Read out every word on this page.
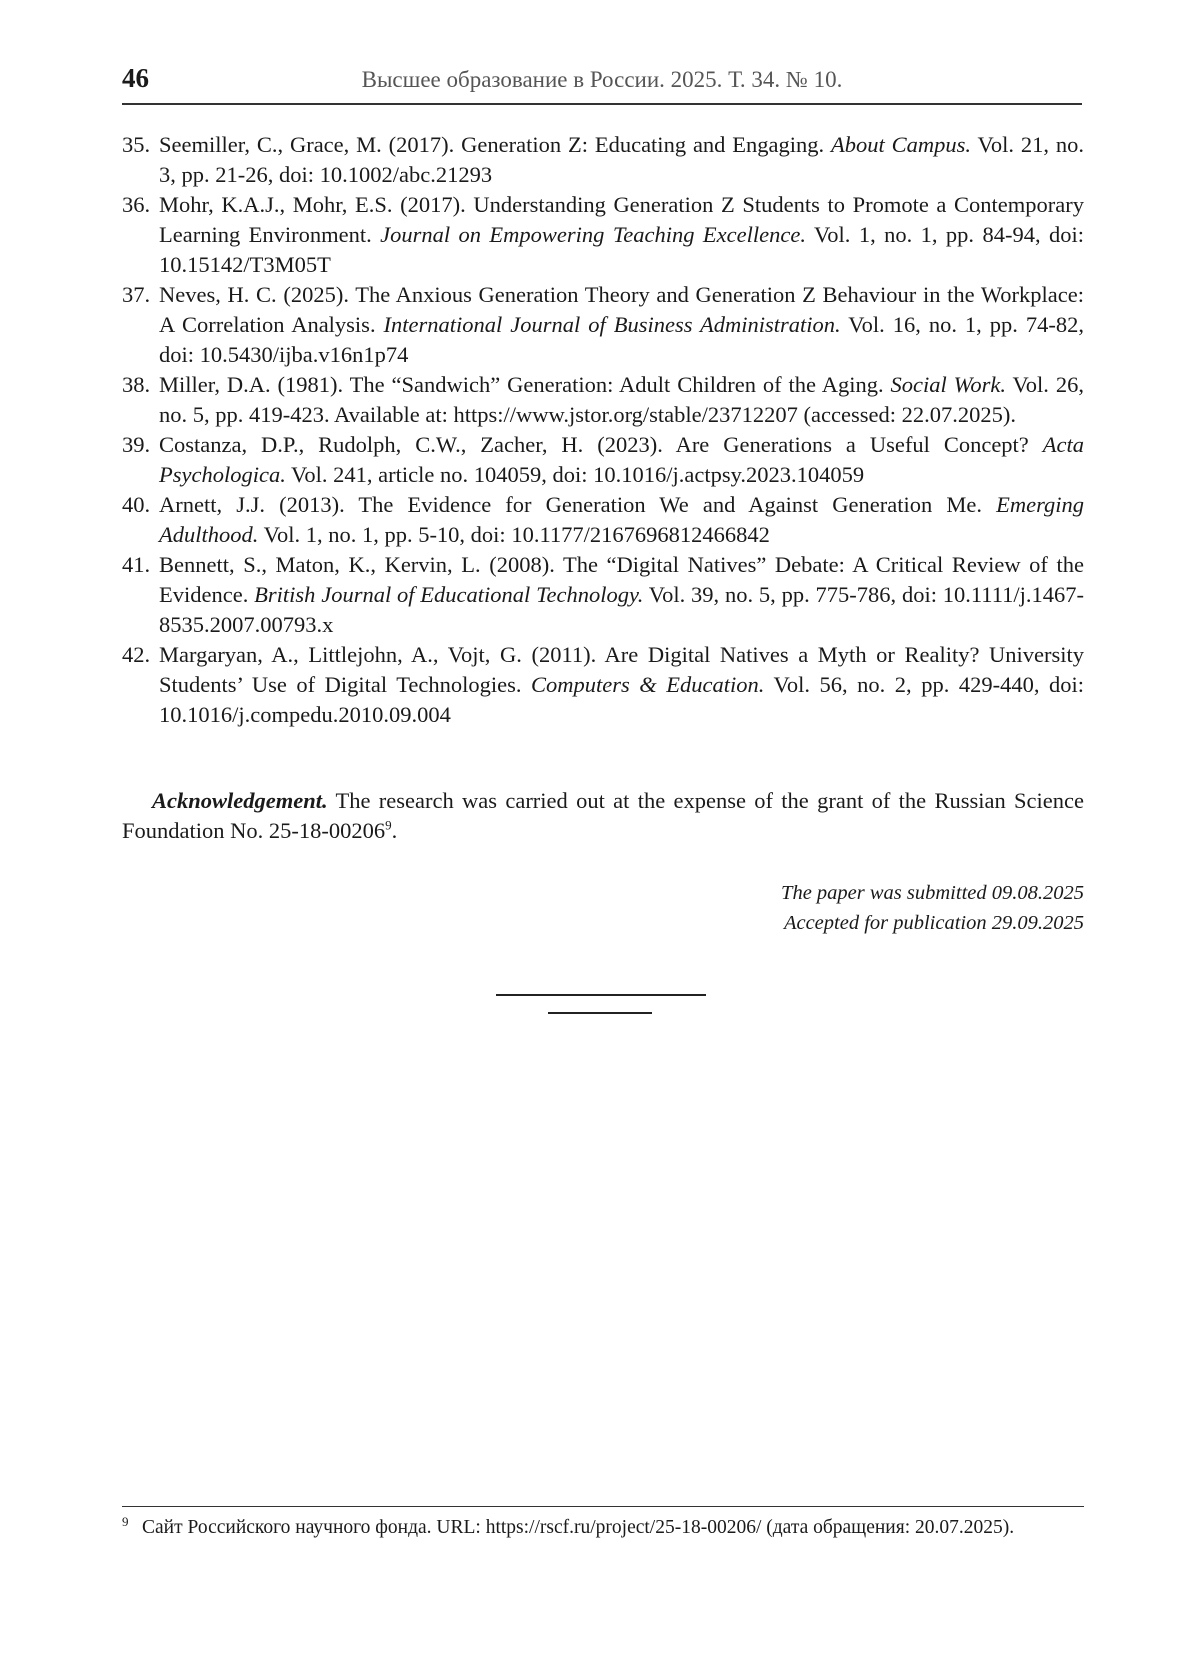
46	Высшее образование в России. 2025. Т. 34. № 10.
35. Seemiller, C., Grace, M. (2017). Generation Z: Educating and Engaging. About Campus. Vol. 21, no. 3, pp. 21-26, doi: 10.1002/abc.21293
36. Mohr, K.A.J., Mohr, E.S. (2017). Understanding Generation Z Students to Promote a Contemporary Learning Environment. Journal on Empowering Teaching Excellence. Vol. 1, no. 1, pp. 84-94, doi: 10.15142/T3M05T
37. Neves, H. C. (2025). The Anxious Generation Theory and Generation Z Behaviour in the Workplace: A Correlation Analysis. International Journal of Business Administration. Vol. 16, no. 1, pp. 74-82, doi: 10.5430/ijba.v16n1p74
38. Miller, D.A. (1981). The “Sandwich” Generation: Adult Children of the Aging. Social Work. Vol. 26, no. 5, pp. 419-423. Available at: https://www.jstor.org/stable/23712207 (accessed: 22.07.2025).
39. Costanza, D.P., Rudolph, C.W., Zacher, H. (2023). Are Generations a Useful Concept? Acta Psychologica. Vol. 241, article no. 104059, doi: 10.1016/j.actpsy.2023.104059
40. Arnett, J.J. (2013). The Evidence for Generation We and Against Generation Me. Emerging Adulthood. Vol. 1, no. 1, pp. 5-10, doi: 10.1177/2167696812466842
41. Bennett, S., Maton, K., Kervin, L. (2008). The “Digital Natives” Debate: A Critical Review of the Evidence. British Journal of Educational Technology. Vol. 39, no. 5, pp. 775-786, doi: 10.1111/j.1467-8535.2007.00793.x
42. Margaryan, A., Littlejohn, A., Vojt, G. (2011). Are Digital Natives a Myth or Reality? University Students’ Use of Digital Technologies. Computers & Education. Vol. 56, no. 2, pp. 429-440, doi: 10.1016/j.compedu.2010.09.004

Acknowledgement. The research was carried out at the expense of the grant of the Russian Science Foundation No. 25-18-00206$^9$.

The paper was submitted 09.08.2025
Accepted for publication 29.09.2025
9 Сайт Российского научного фонда. URL: https://rscf.ru/project/25-18-00206/ (дата обращения: 20.07.2025).
